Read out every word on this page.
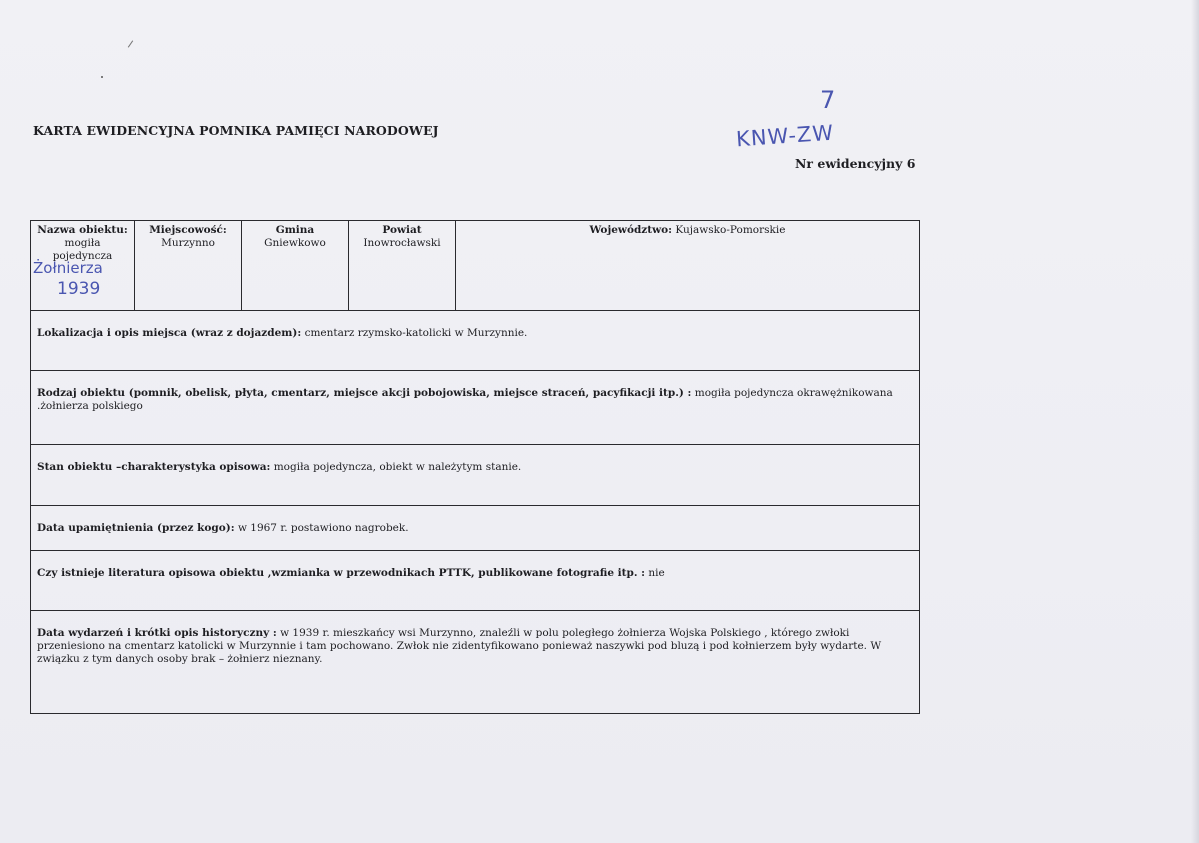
KARTA EWIDENCYJNA POMNIKA PAMIĘCI NARODOWEJ
7
KNW-ZW
Nr ewidencyjny 6
Nazwa obiektu:
mogiła
pojedyncza
Żołnierza
1939
Miejscowość:
Murzynno
Gmina
Gniewkowo
Powiat
Inowrocławski
Województwo: Kujawsko-Pomorskie
Lokalizacja i opis miejsca (wraz z dojazdem): cmentarz rzymsko-katolicki w Murzynnie.
Rodzaj obiektu (pomnik, obelisk, płyta, cmentarz, miejsce akcji pobojowiska, miejsce straceń, pacyfikacji itp.) : mogiła pojedyncza okrawężnikowana .żołnierza polskiego
Stan obiektu –charakterystyka opisowa: mogiła pojedyncza, obiekt w należytym stanie.
Data upamiętnienia (przez kogo): w 1967 r. postawiono nagrobek.
Czy istnieje literatura opisowa obiektu ,wzmianka w przewodnikach PTTK, publikowane fotografie itp. : nie
Data wydarzeń i krótki opis historyczny : w 1939 r. mieszkańcy wsi Murzynno, znaleźli w polu poległego żołnierza Wojska Polskiego , którego zwłoki przeniesiono na cmentarz katolicki w Murzynnie i tam pochowano. Zwłok nie zidentyfikowano ponieważ naszywki pod bluzą i pod kołnierzem były wydarte. W związku z tym danych osoby brak – żołnierz nieznany.
